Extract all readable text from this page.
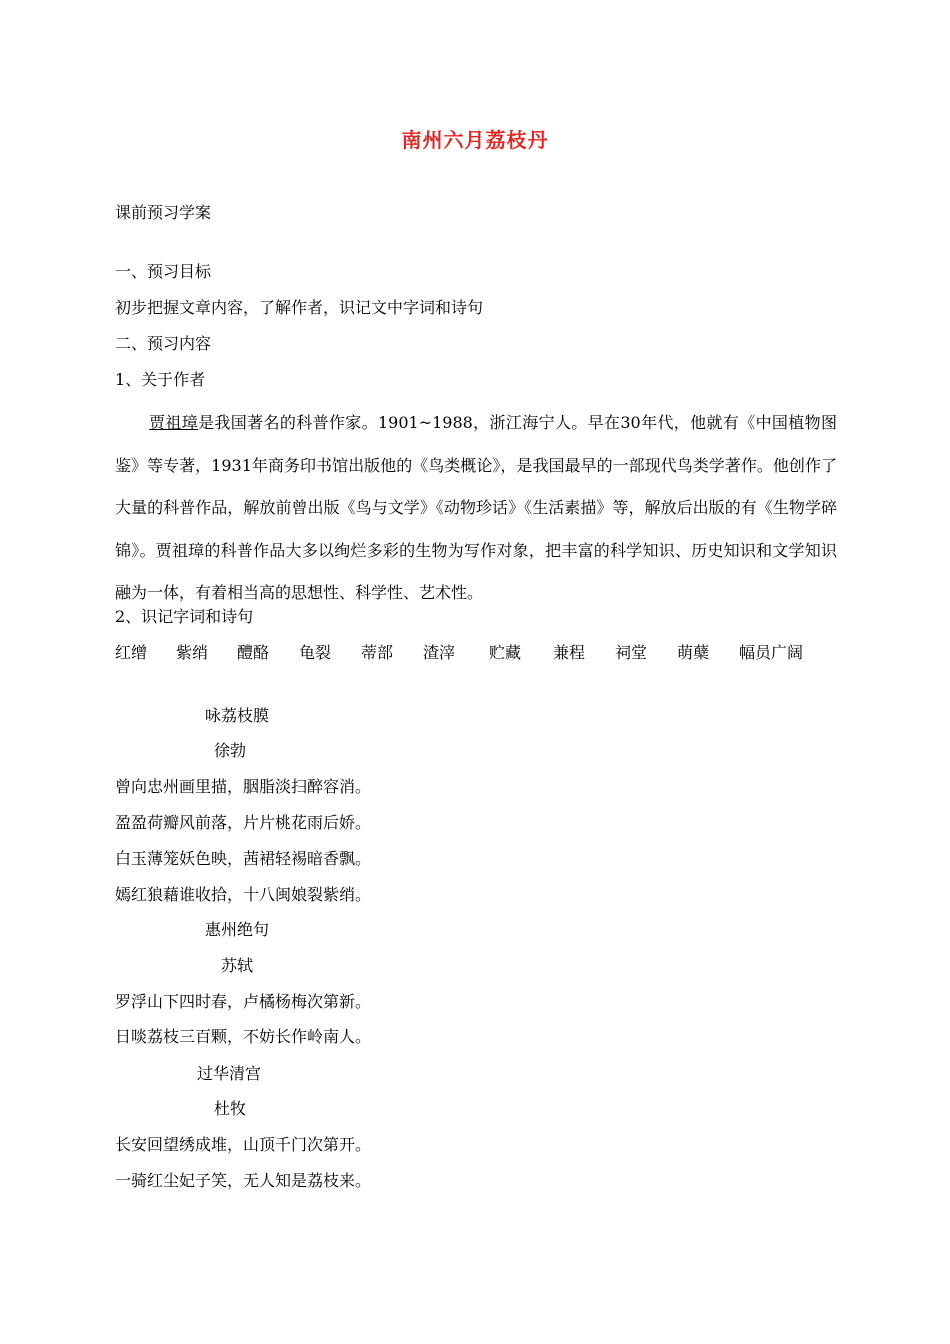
南州六月荔枝丹
课前预习学案
一、预习目标
初步把握文章内容，了解作者，识记文中字词和诗句
二、预习内容
1、关于作者
贾祖璋是我国著名的科普作家。1901~1988，浙江海宁人。早在30年代，他就有《中国植物图鉴》等专著，1931年商务印书馆出版他的《鸟类概论》，是我国最早的一部现代鸟类学著作。他创作了大量的科普作品，解放前曾出版《鸟与文学》《动物珍话》《生活素描》等，解放后出版的有《生物学碎锦》。贾祖璋的科普作品大多以绚烂多彩的生物为写作对象，把丰富的科学知识、历史知识和文学知识融为一体，有着相当高的思想性、科学性、艺术性。
2、识记字词和诗句
红缯 紫绡 醴酪 龟裂 蒂部 渣滓 贮藏 兼程 祠堂 萌蘖 幅员广阔
咏荔枝膜
徐勃
曾向忠州画里描，胭脂淡扫醉容消。
盈盈荷瓣风前落，片片桃花雨后娇。
白玉薄笼妖色映，茜裙轻裼暗香飘。
嫣红狼藉谁收拾，十八闽娘裂紫绡。
惠州绝句
苏轼
罗浮山下四时春，卢橘杨梅次第新。
日啖荔枝三百颗，不妨长作岭南人。
过华清宫
杜牧
长安回望绣成堆，山顶千门次第开。
一骑红尘妃子笑，无人知是荔枝来。
